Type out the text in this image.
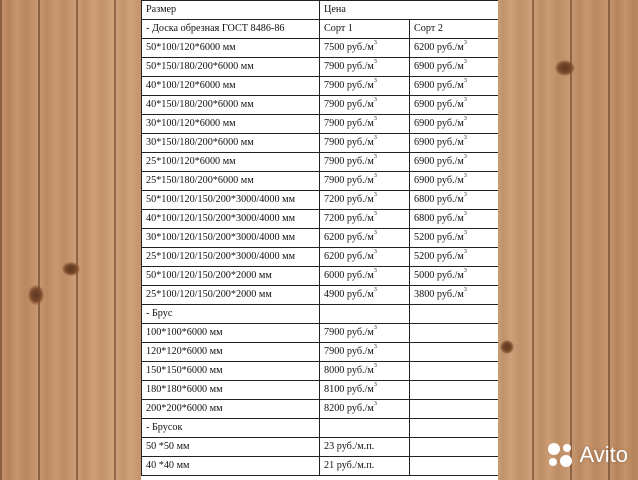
Размер	Цена	
- Доска обрезная ГОСТ 8486-86	Сорт 1	Сорт 2
50*100/120*6000 мм	7500 $руб./м^3$	6200 $руб./м^3$
50*150/180/200*6000 мм	7900 $руб./м^3$	6900 $руб./м^3$
40*100/120*6000 мм	7900 $руб./м^3$	6900 $руб./м^3$
40*150/180/200*6000 мм	7900 $руб./м^3$	6900 $руб./м^3$
30*100/120*6000 мм	7900 $руб./м^3$	6900 $руб./м^3$
30*150/180/200*6000 мм	7900 $руб./м^3$	6900 $руб./м^3$
25*100/120*6000 мм	7900 $руб./м^3$	6900 $руб./м^3$
25*150/180/200*6000 мм	7900 $руб./м^3$	6900 $руб./м^3$
50*100/120/150/200*3000/4000 мм	7200 $руб./м^3$	6800 $руб./м^3$
40*100/120/150/200*3000/4000 мм	7200 $руб./м^3$	6800 $руб./м^3$
30*100/120/150/200*3000/4000 мм	6200 $руб./м^3$	5200 $руб./м^3$
25*100/120/150/200*3000/4000 мм	6200 $руб./м^3$	5200 $руб./м^3$
50*100/120/150/200*2000 мм	6000 $руб./м^3$	5000 $руб./м^3$
25*100/120/150/200*2000 мм	4900 $руб./м^3$	3800 $руб./м^3$
- Брус		
100*100*6000 мм	7900 $руб./м^3$	
120*120*6000 мм	7900 $руб./м^3$	
150*150*6000 мм	8000 $руб./м^3$	
180*180*6000 мм	8100 $руб./м^3$	
200*200*6000 мм	8200 $руб./м^3$	
- Брусок		
50 *50 мм	23 руб./м.п.	
40 *40 мм	21 руб./м.п.		Avito
